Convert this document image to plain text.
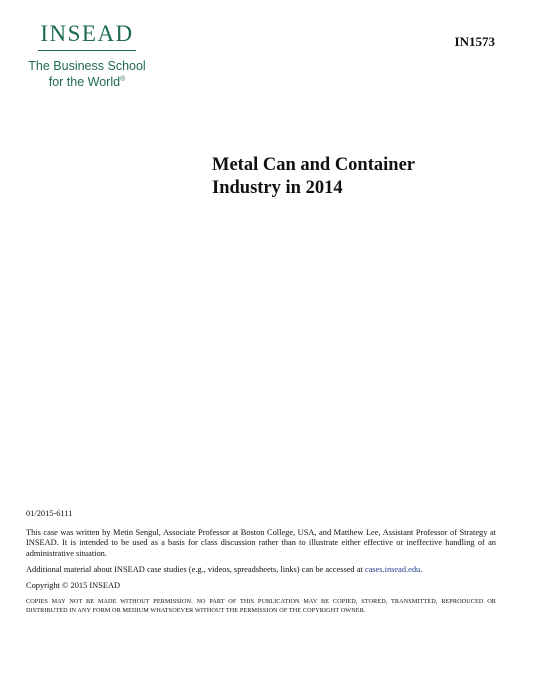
INSEAD
The Business School
for the World®
IN1573
Metal Can and Container
Industry in 2014

01/2015-6111

This case was written by Metin Sengul, Associate Professor at Boston College, USA, and Matthew Lee, Assistant Professor of Strategy at INSEAD. It is intended to be used as a basis for class discussion rather than to illustrate either effective or ineffective handling of an administrative situation.

Additional material about INSEAD case studies (e.g., videos, spreadsheets, links) can be accessed at cases.insead.edu.

Copyright © 2015 INSEAD

COPIES MAY NOT BE MADE WITHOUT PERMISSION. NO PART OF THIS PUBLICATION MAY BE COPIED, STORED, TRANSMITTED, REPRODUCED OR DISTRIBUTED IN ANY FORM OR MEDIUM WHATSOEVER WITHOUT THE PERMISSION OF THE COPYRIGHT OWNER.
